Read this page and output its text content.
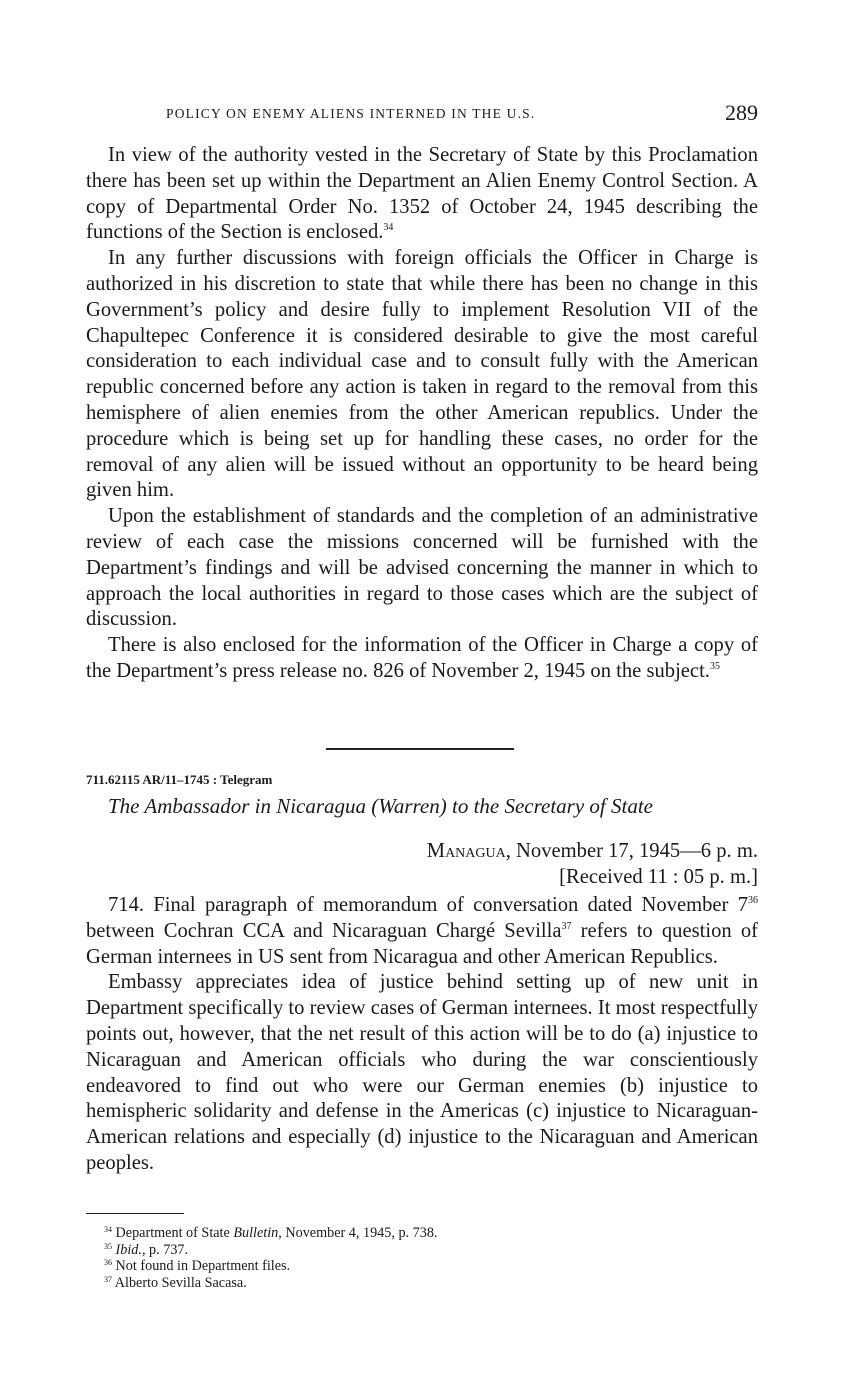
POLICY ON ENEMY ALIENS INTERNED IN THE U.S.	289

In view of the authority vested in the Secretary of State by this Proclamation there has been set up within the Department an Alien Enemy Control Section. A copy of Departmental Order No. 1352 of October 24, 1945 describing the functions of the Section is enclosed.$^{34}$

In any further discussions with foreign officials the Officer in Charge is authorized in his discretion to state that while there has been no change in this Government’s policy and desire fully to implement Resolution VII of the Chapultepec Conference it is considered desirable to give the most careful consideration to each individual case and to consult fully with the American republic concerned before any action is taken in regard to the removal from this hemisphere of alien enemies from the other American republics. Under the procedure which is being set up for handling these cases, no order for the removal of any alien will be issued without an opportunity to be heard being given him.

Upon the establishment of standards and the completion of an administrative review of each case the missions concerned will be furnished with the Department’s findings and will be advised concerning the manner in which to approach the local authorities in regard to those cases which are the subject of discussion.

There is also enclosed for the information of the Officer in Charge a copy of the Department’s press release no. 826 of November 2, 1945 on the subject.$^{35}$

711.62115 AR/11–1745 : Telegram
The Ambassador in Nicaragua (Warren) to the Secretary of State
Managua, November 17, 1945—6 p. m.
[Received 11 : 05 p. m.]

714. Final paragraph of memorandum of conversation dated November $7^{36}$ between Cochran CCA and Nicaraguan Chargé Sevilla$^{37}$ refers to question of German internees in US sent from Nicaragua and other American Republics.

Embassy appreciates idea of justice behind setting up of new unit in Department specifically to review cases of German internees. It most respectfully points out, however, that the net result of this action will be to do (a) injustice to Nicaraguan and American officials who during the war conscientiously endeavored to find out who were our German enemies (b) injustice to hemispheric solidarity and defense in the Americas (c) injustice to Nicaraguan-American relations and especially (d) injustice to the Nicaraguan and American peoples.

$^{34}$ Department of State Bulletin, November 4, 1945, p. 738.
$^{35}$ Ibid., p. 737.
$^{36}$ Not found in Department files.
$^{37}$ Alberto Sevilla Sacasa.
